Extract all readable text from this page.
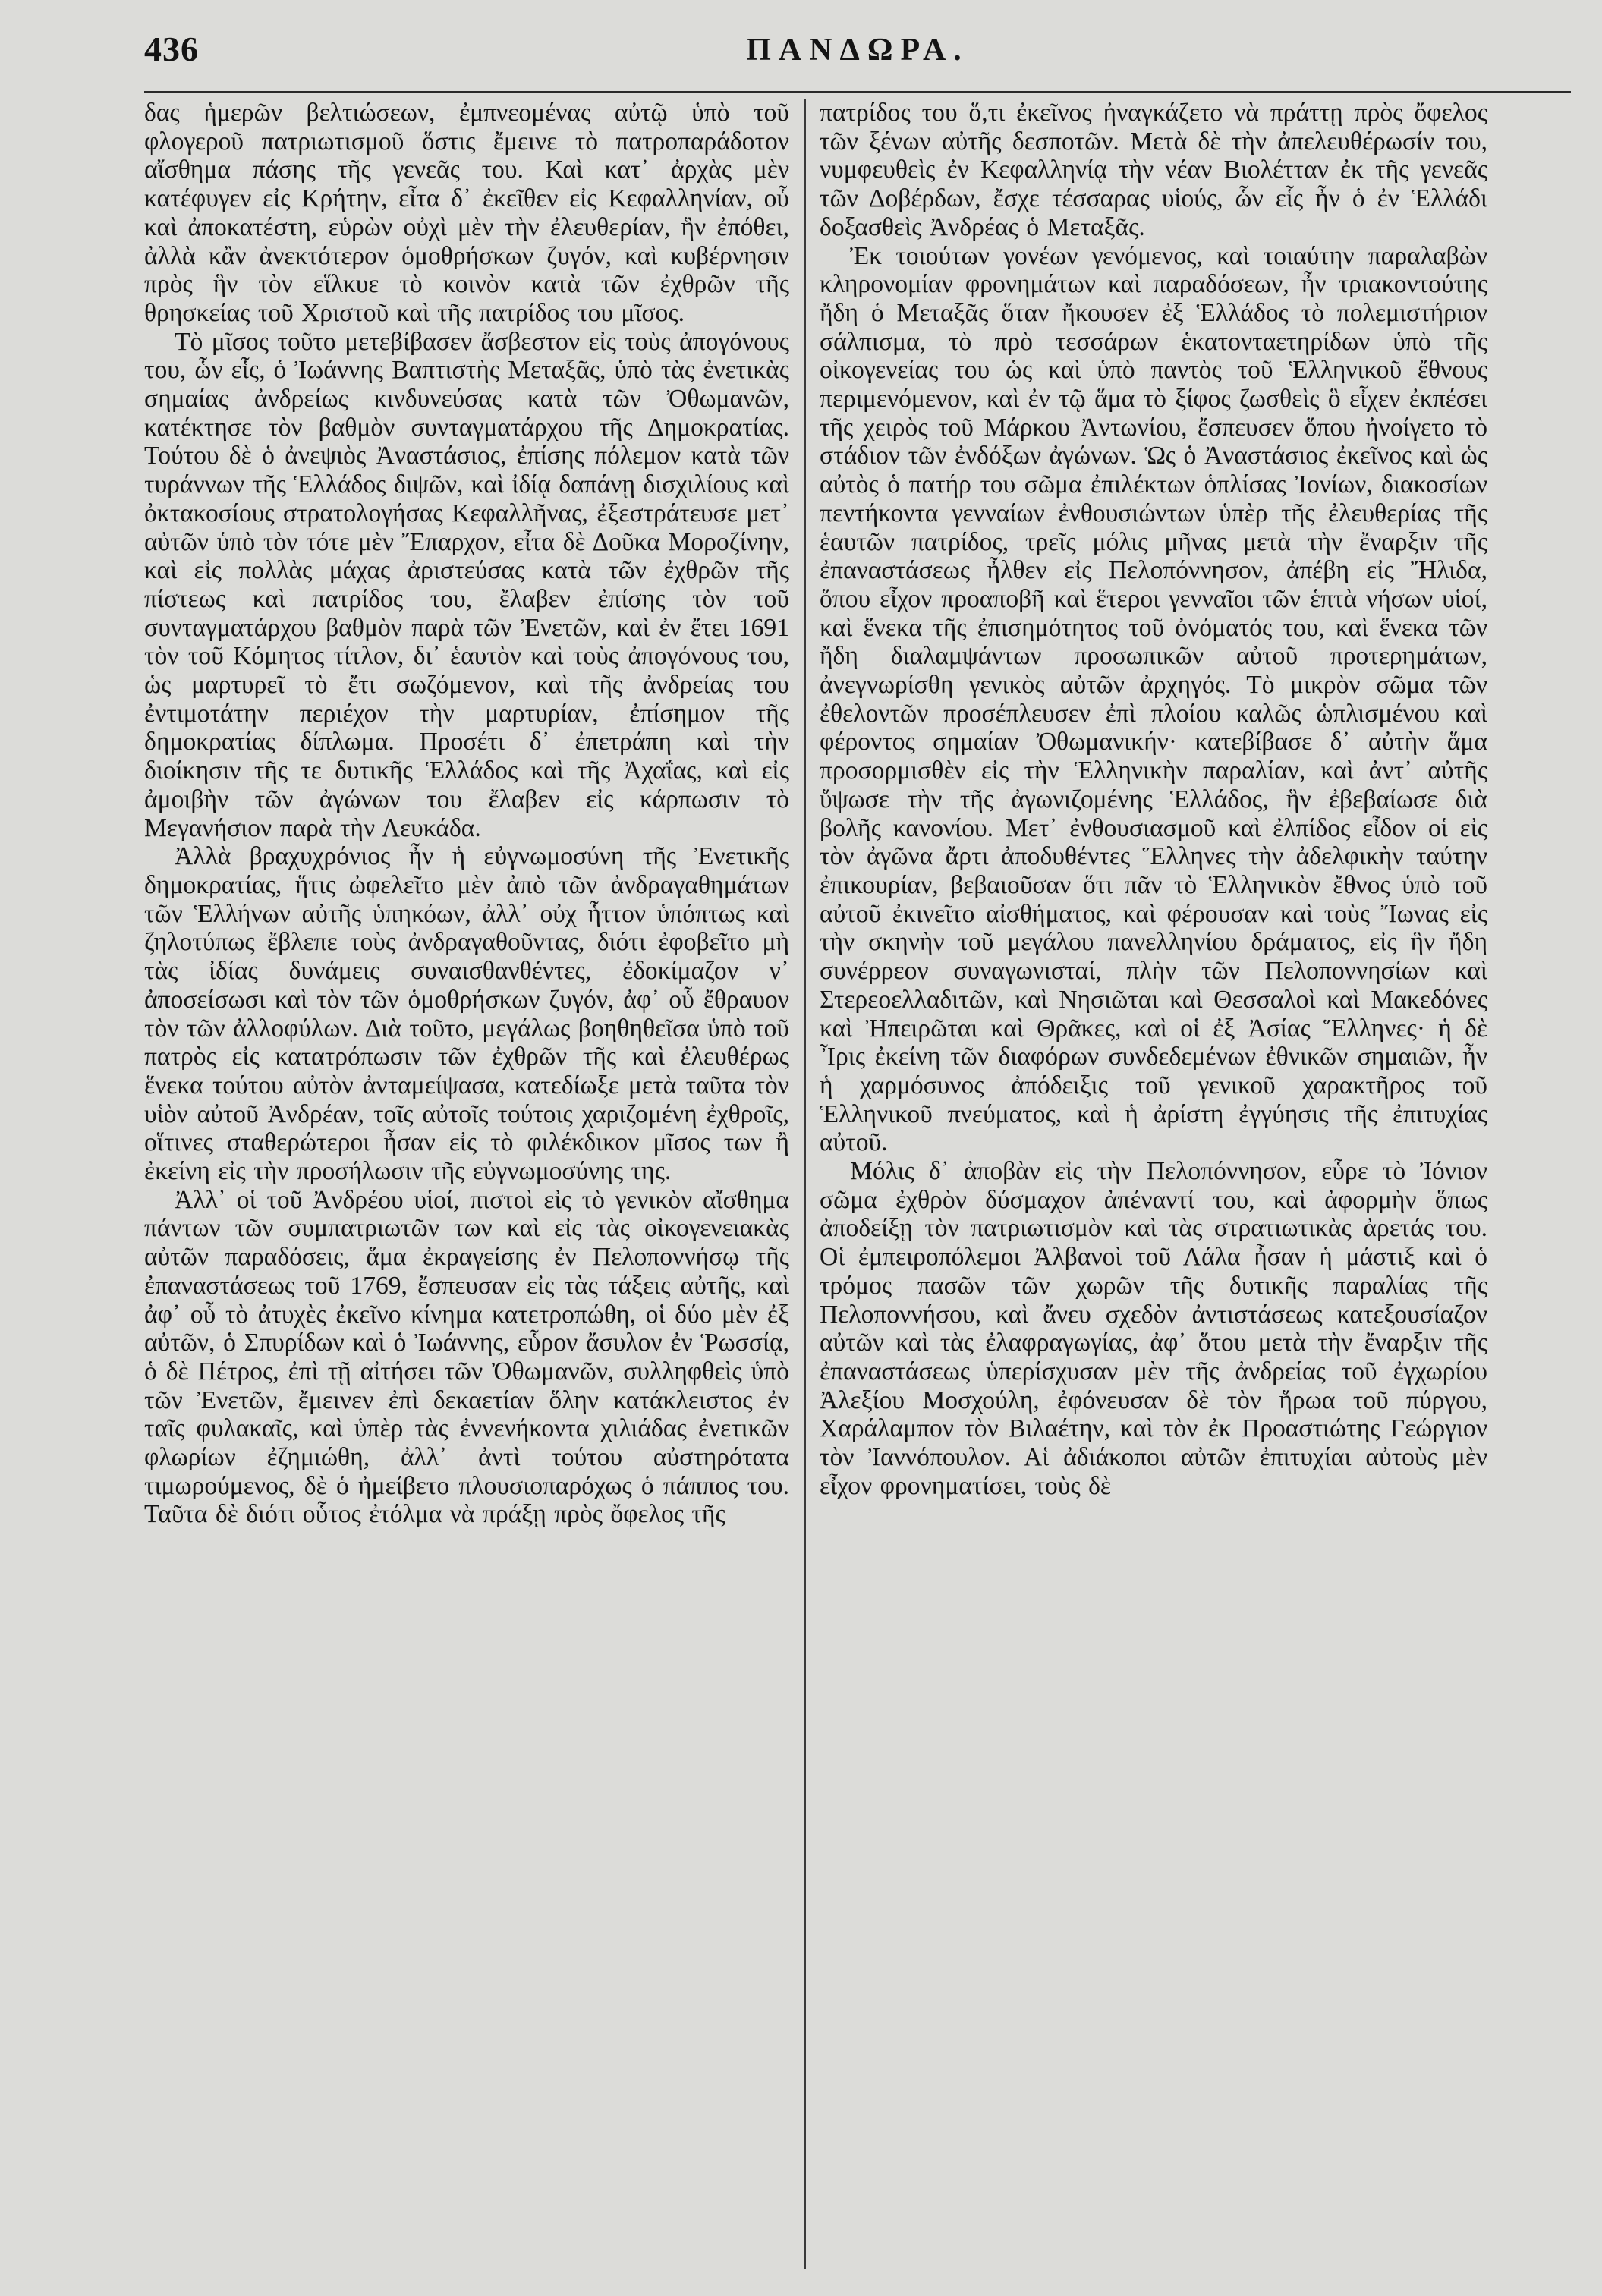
436	ΠΑΝΔΩΡΑ.

δας ἡμερῶν βελτιώσεων, ἐμπνεομένας αὐτῷ ὑπὸ τοῦ φλογεροῦ πατριωτισμοῦ ὅστις ἔμεινε τὸ πατροπαράδοτον αἴσθημα πάσης τῆς γενεᾶς του. Καὶ κατ᾽ ἀρχὰς μὲν κατέφυγεν εἰς Κρήτην, εἶτα δ᾽ ἐκεῖθεν εἰς Κεφαλληνίαν, οὗ καὶ ἀποκατέστη, εὑρὼν οὐχὶ μὲν τὴν ἐλευθερίαν, ἣν ἐπόθει, ἀλλὰ κἂν ἀνεκτότερον ὁμοθρήσκων ζυγόν, καὶ κυβέρνησιν πρὸς ἣν τὸν εἵλκυε τὸ κοινὸν κατὰ τῶν ἐχθρῶν τῆς θρησκείας τοῦ Χριστοῦ καὶ τῆς πατρίδος του μῖσος.

Τὸ μῖσος τοῦτο μετεβίβασεν ἄσβεστον εἰς τοὺς ἀπογόνους του, ὧν εἷς, ὁ Ἰωάννης Βαπτιστὴς Μεταξᾶς, ὑπὸ τὰς ἐνετικὰς σημαίας ἀνδρείως κινδυνεύσας κατὰ τῶν Ὀθωμανῶν, κατέκτησε τὸν βαθμὸν συνταγματάρχου τῆς Δημοκρατίας. Τούτου δὲ ὁ ἀνεψιὸς Ἀναστάσιος, ἐπίσης πόλεμον κατὰ τῶν τυράννων τῆς Ἑλλάδος διψῶν, καὶ ἰδίᾳ δαπάνῃ δισχιλίους καὶ ὀκτακοσίους στρατολογήσας Κεφαλλῆνας, ἐξεστράτευσε μετ᾽ αὐτῶν ὑπὸ τὸν τότε μὲν Ἔπαρχον, εἶτα δὲ Δοῦκα Μοροζίνην, καὶ εἰς πολλὰς μάχας ἀριστεύσας κατὰ τῶν ἐχθρῶν τῆς πίστεως καὶ πατρίδος του, ἔλαβεν ἐπίσης τὸν τοῦ συνταγματάρχου βαθμὸν παρὰ τῶν Ἐνετῶν, καὶ ἐν ἔτει 1691 τὸν τοῦ Κόμητος τίτλον, δι᾽ ἑαυτὸν καὶ τοὺς ἀπογόνους του, ὡς μαρτυρεῖ τὸ ἔτι σωζόμενον, καὶ τῆς ἀνδρείας του ἐντιμοτάτην περιέχον τὴν μαρτυρίαν, ἐπίσημον τῆς δημοκρατίας δίπλωμα. Προσέτι δ᾽ ἐπετράπη καὶ τὴν διοίκησιν τῆς τε δυτικῆς Ἑλλάδος καὶ τῆς Ἀχαΐας, καὶ εἰς ἀμοιβὴν τῶν ἀγώνων του ἔλαβεν εἰς κάρπωσιν τὸ Μεγανήσιον παρὰ τὴν Λευκάδα.

Ἀλλὰ βραχυχρόνιος ἦν ἡ εὐγνωμοσύνη τῆς Ἐνετικῆς δημοκρατίας, ἥτις ὠφελεῖτο μὲν ἀπὸ τῶν ἀνδραγαθημάτων τῶν Ἑλλήνων αὐτῆς ὑπηκόων, ἀλλ᾽ οὐχ ἧττον ὑπόπτως καὶ ζηλοτύπως ἔβλεπε τοὺς ἀνδραγαθοῦντας, διότι ἐφοβεῖτο μὴ τὰς ἰδίας δυνάμεις συναισθανθέντες, ἐδοκίμαζον ν᾽ ἀποσείσωσι καὶ τὸν τῶν ὁμοθρήσκων ζυγόν, ἀφ᾽ οὗ ἔθραυον τὸν τῶν ἀλλοφύλων. Διὰ τοῦτο, μεγάλως βοηθηθεῖσα ὑπὸ τοῦ πατρὸς εἰς κατατρόπωσιν τῶν ἐχθρῶν τῆς καὶ ἐλευθέρως ἕνεκα τούτου αὐτὸν ἀνταμείψασα, κατεδίωξε μετὰ ταῦτα τὸν υἱὸν αὐτοῦ Ἀνδρέαν, τοῖς αὐτοῖς τούτοις χαριζομένη ἐχθροῖς, οἵτινες σταθερώτεροι ἦσαν εἰς τὸ φιλέκδικον μῖσος των ἢ ἐκείνη εἰς τὴν προσήλωσιν τῆς εὐγνωμοσύνης της.

Ἀλλ᾽ οἱ τοῦ Ἀνδρέου υἱοί, πιστοὶ εἰς τὸ γενικὸν αἴσθημα πάντων τῶν συμπατριωτῶν των καὶ εἰς τὰς οἰκογενειακὰς αὐτῶν παραδόσεις, ἅμα ἐκραγείσης ἐν Πελοποννήσῳ τῆς ἐπαναστάσεως τοῦ 1769, ἔσπευσαν εἰς τὰς τάξεις αὐτῆς, καὶ ἀφ᾽ οὗ τὸ ἀτυχὲς ἐκεῖνο κίνημα κατετροπώθη, οἱ δύο μὲν ἐξ αὐτῶν, ὁ Σπυρίδων καὶ ὁ Ἰωάννης, εὗρον ἄσυλον ἐν Ῥωσσίᾳ, ὁ δὲ Πέτρος, ἐπὶ τῇ αἰτήσει τῶν Ὀθωμανῶν, συλληφθεὶς ὑπὸ τῶν Ἐνετῶν, ἔμεινεν ἐπὶ δεκαετίαν ὅλην κατάκλειστος ἐν ταῖς φυλακαῖς, καὶ ὑπὲρ τὰς ἐννενήκοντα χιλιάδας ἐνετικῶν φλωρίων ἐζημιώθη, ἀλλ᾽ ἀντὶ τούτου αὐστηρότατα τιμωρούμενος, δὲ ὁ ἠμείβετο πλουσιοπαρόχως ὁ πάππος του. Ταῦτα δὲ διότι οὗτος ἐτόλμα νὰ πράξῃ πρὸς ὄφελος τῆς

πατρίδος του ὅ,τι ἐκεῖνος ἠναγκάζετο νὰ πράττῃ πρὸς ὄφελος τῶν ξένων αὐτῆς δεσποτῶν. Μετὰ δὲ τὴν ἀπελευθέρωσίν του, νυμφευθεὶς ἐν Κεφαλληνίᾳ τὴν νέαν Βιολέτταν ἐκ τῆς γενεᾶς τῶν Δοβέρδων, ἔσχε τέσσαρας υἱούς, ὧν εἷς ἦν ὁ ἐν Ἑλλάδι δοξασθεὶς Ἀνδρέας ὁ Μεταξᾶς.

Ἐκ τοιούτων γονέων γενόμενος, καὶ τοιαύτην παραλαβὼν κληρονομίαν φρονημάτων καὶ παραδόσεων, ἦν τριακοντούτης ἤδη ὁ Μεταξᾶς ὅταν ἤκουσεν ἐξ Ἑλλάδος τὸ πολεμιστήριον σάλπισμα, τὸ πρὸ τεσσάρων ἑκατονταετηρίδων ὑπὸ τῆς οἰκογενείας του ὡς καὶ ὑπὸ παντὸς τοῦ Ἑλληνικοῦ ἔθνους περιμενόμενον, καὶ ἐν τῷ ἅμα τὸ ξίφος ζωσθεὶς ὃ εἶχεν ἐκπέσει τῆς χειρὸς τοῦ Μάρκου Ἀντωνίου, ἔσπευσεν ὅπου ἠνοίγετο τὸ στάδιον τῶν ἐνδόξων ἀγώνων. Ὡς ὁ Ἀναστάσιος ἐκεῖνος καὶ ὡς αὐτὸς ὁ πατήρ του σῶμα ἐπιλέκτων ὁπλίσας Ἰονίων, διακοσίων πεντήκοντα γενναίων ἐνθουσιώντων ὑπὲρ τῆς ἐλευθερίας τῆς ἑαυτῶν πατρίδος, τρεῖς μόλις μῆνας μετὰ τὴν ἔναρξιν τῆς ἐπαναστάσεως ἦλθεν εἰς Πελοπόννησον, ἀπέβη εἰς Ἤλιδα, ὅπου εἶχον προαποβῆ καὶ ἕτεροι γενναῖοι τῶν ἑπτὰ νήσων υἱοί, καὶ ἕνεκα τῆς ἐπισημότητος τοῦ ὀνόματός του, καὶ ἕνεκα τῶν ἤδη διαλαμψάντων προσωπικῶν αὐτοῦ προτερημάτων, ἀνεγνωρίσθη γενικὸς αὐτῶν ἀρχηγός. Τὸ μικρὸν σῶμα τῶν ἐθελοντῶν προσέπλευσεν ἐπὶ πλοίου καλῶς ὡπλισμένου καὶ φέροντος σημαίαν Ὀθωμανικήν· κατεβίβασε δ᾽ αὐτὴν ἅμα προσορμισθὲν εἰς τὴν Ἑλληνικὴν παραλίαν, καὶ ἀντ᾽ αὐτῆς ὕψωσε τὴν τῆς ἀγωνιζομένης Ἑλλάδος, ἣν ἐβεβαίωσε διὰ βολῆς κανονίου. Μετ᾽ ἐνθουσιασμοῦ καὶ ἐλπίδος εἶδον οἱ εἰς τὸν ἀγῶνα ἄρτι ἀποδυθέντες Ἕλληνες τὴν ἀδελφικὴν ταύτην ἐπικουρίαν, βεβαιοῦσαν ὅτι πᾶν τὸ Ἑλληνικὸν ἔθνος ὑπὸ τοῦ αὐτοῦ ἐκινεῖτο αἰσθήματος, καὶ φέρουσαν καὶ τοὺς Ἴωνας εἰς τὴν σκηνὴν τοῦ μεγάλου πανελληνίου δράματος, εἰς ἣν ἤδη συνέρρεον συναγωνισταί, πλὴν τῶν Πελοποννησίων καὶ Στερεοελλαδιτῶν, καὶ Νησιῶται καὶ Θεσσαλοὶ καὶ Μακεδόνες καὶ Ἠπειρῶται καὶ Θρᾶκες, καὶ οἱ ἐξ Ἀσίας Ἕλληνες· ἡ δὲ Ἶρις ἐκείνη τῶν διαφόρων συνδεδεμένων ἐθνικῶν σημαιῶν, ἦν ἡ χαρμόσυνος ἀπόδειξις τοῦ γενικοῦ χαρακτῆρος τοῦ Ἑλληνικοῦ πνεύματος, καὶ ἡ ἀρίστη ἐγγύησις τῆς ἐπιτυχίας αὐτοῦ.

Μόλις δ᾽ ἀποβὰν εἰς τὴν Πελοπόννησον, εὗρε τὸ Ἰόνιον σῶμα ἐχθρὸν δύσμαχον ἀπέναντί του, καὶ ἀφορμὴν ὅπως ἀποδείξῃ τὸν πατριωτισμὸν καὶ τὰς στρατιωτικὰς ἀρετάς του. Οἱ ἐμπειροπόλεμοι Ἀλβανοὶ τοῦ Λάλα ἦσαν ἡ μάστιξ καὶ ὁ τρόμος πασῶν τῶν χωρῶν τῆς δυτικῆς παραλίας τῆς Πελοποννήσου, καὶ ἄνευ σχεδὸν ἀντιστάσεως κατεξουσίαζον αὐτῶν καὶ τὰς ἐλαφραγωγίας, ἀφ᾽ ὅτου μετὰ τὴν ἔναρξιν τῆς ἐπαναστάσεως ὑπερίσχυσαν μὲν τῆς ἀνδρείας τοῦ ἐγχωρίου Ἀλεξίου Μοσχούλη, ἐφόνευσαν δὲ τὸν ἥρωα τοῦ πύργου, Χαράλαμπον τὸν Βιλαέτην, καὶ τὸν ἐκ Προαστιώτης Γεώργιον τὸν Ἰαννόπουλον. Αἱ ἀδιάκοποι αὐτῶν ἐπιτυχίαι αὐτοὺς μὲν εἶχον φρονηματίσει, τοὺς δὲ
